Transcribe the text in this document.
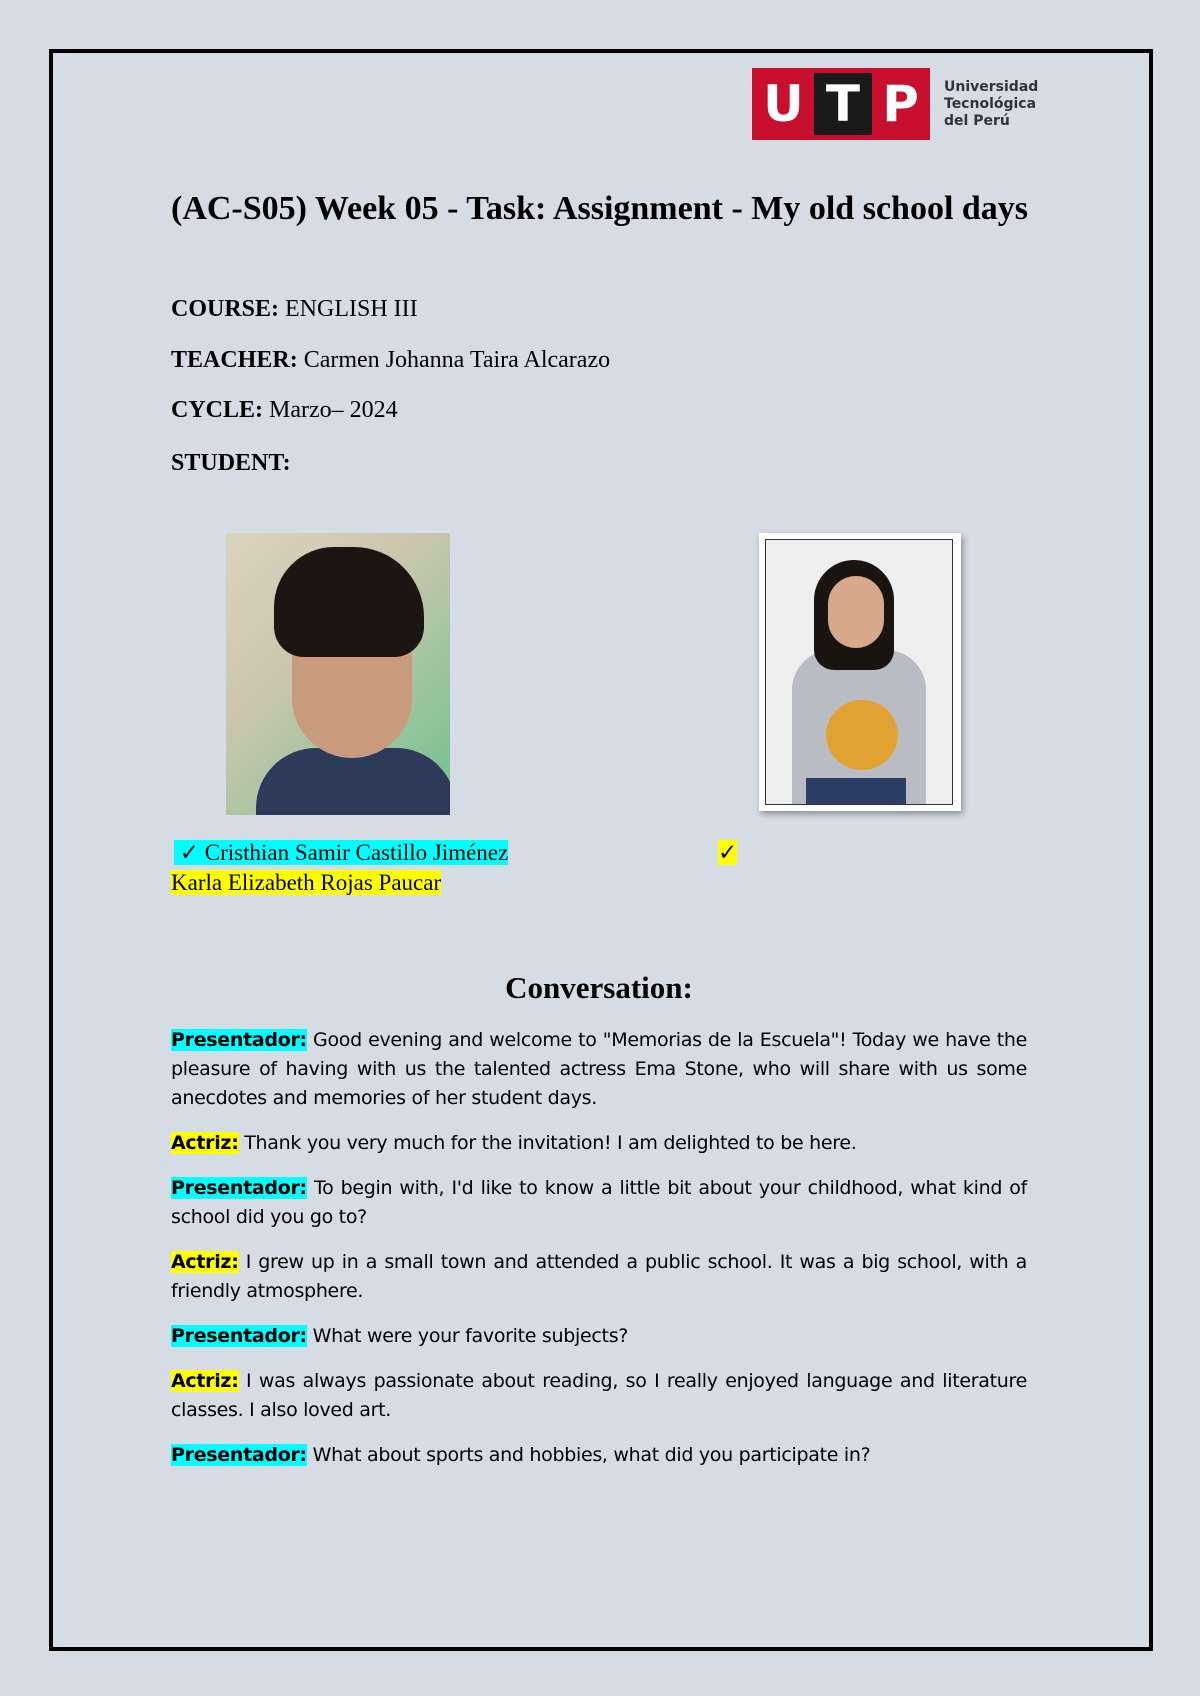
U T P Universidad
Tecnológica
del Perú
(AC-S05) Week 05 - Task: Assignment - My old school days

COURSE: ENGLISH III

TEACHER: Carmen Johanna Taira Alcarazo

CYCLE: Marzo– 2024

STUDENT:

✓ Cristhian Samir Castillo Jiménez	✓
Karla Elizabeth Rojas Paucar
Conversation:

Presentador: Good evening and welcome to "Memorias de la Escuela"! Today we have the pleasure of having with us the talented actress Ema Stone, who will share with us some anecdotes and memories of her student days.

Actriz: Thank you very much for the invitation! I am delighted to be here.

Presentador: To begin with, I'd like to know a little bit about your childhood, what kind of school did you go to?

Actriz: I grew up in a small town and attended a public school. It was a big school, with a friendly atmosphere.

Presentador: What were your favorite subjects?

Actriz: I was always passionate about reading, so I really enjoyed language and literature classes. I also loved art.

Presentador: What about sports and hobbies, what did you participate in?
